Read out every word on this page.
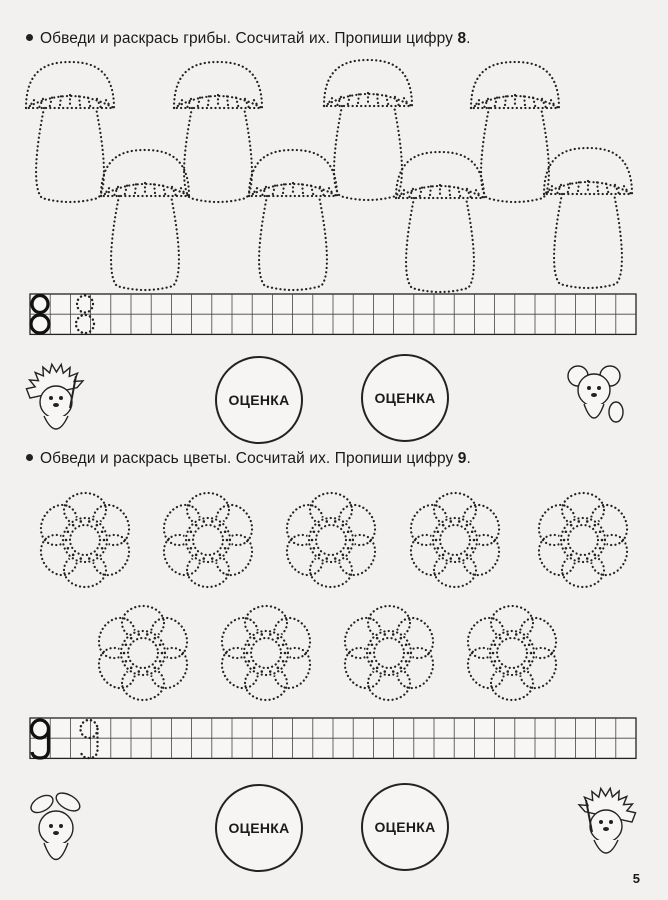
Обведи и раскрась грибы. Сосчитай их. Пропиши цифру 8.
Обведи и раскрась цветы. Сосчитай их. Пропиши цифру 9.
ОЦЕНКА	ОЦЕНКА
ОЦЕНКА	ОЦЕНКА
5
